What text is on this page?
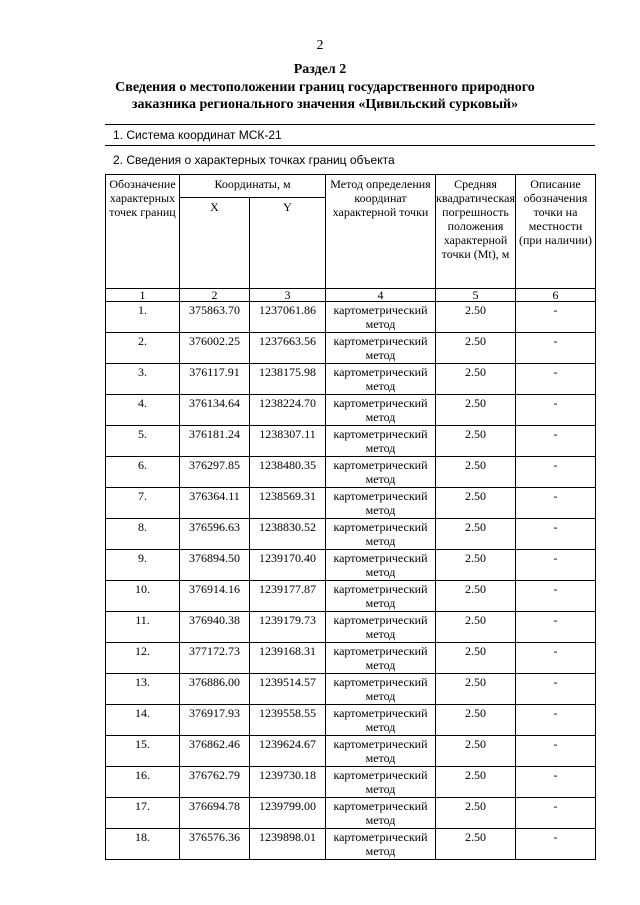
2
Раздел 2
Сведения о местоположении границ государственного природного заказника регионального значения «Цивильский сурковый»
1. Система координат МСК-21
2. Сведения о характерных точках границ объекта
Обозначение характерных точек границ	Координаты, м		Метод определения координат характерной точки	Средняя квадратическая погрешность положения характерной точки (Mt), м	Описание обозначения точки на местности (при наличии)
	X	Y			
1	2	3	4	5	6
1.	375863.70	1237061.86	картометрический метод	2.50	-
2.	376002.25	1237663.56	картометрический метод	2.50	-
3.	376117.91	1238175.98	картометрический метод	2.50	-
4.	376134.64	1238224.70	картометрический метод	2.50	-
5.	376181.24	1238307.11	картометрический метод	2.50	-
6.	376297.85	1238480.35	картометрический метод	2.50	-
7.	376364.11	1238569.31	картометрический метод	2.50	-
8.	376596.63	1238830.52	картометрический метод	2.50	-
9.	376894.50	1239170.40	картометрический метод	2.50	-
10.	376914.16	1239177.87	картометрический метод	2.50	-
11.	376940.38	1239179.73	картометрический метод	2.50	-
12.	377172.73	1239168.31	картометрический метод	2.50	-
13.	376886.00	1239514.57	картометрический метод	2.50	-
14.	376917.93	1239558.55	картометрический метод	2.50	-
15.	376862.46	1239624.67	картометрический метод	2.50	-
16.	376762.79	1239730.18	картометрический метод	2.50	-
17.	376694.78	1239799.00	картометрический метод	2.50	-
18.	376576.36	1239898.01	картометрический метод	2.50	-
